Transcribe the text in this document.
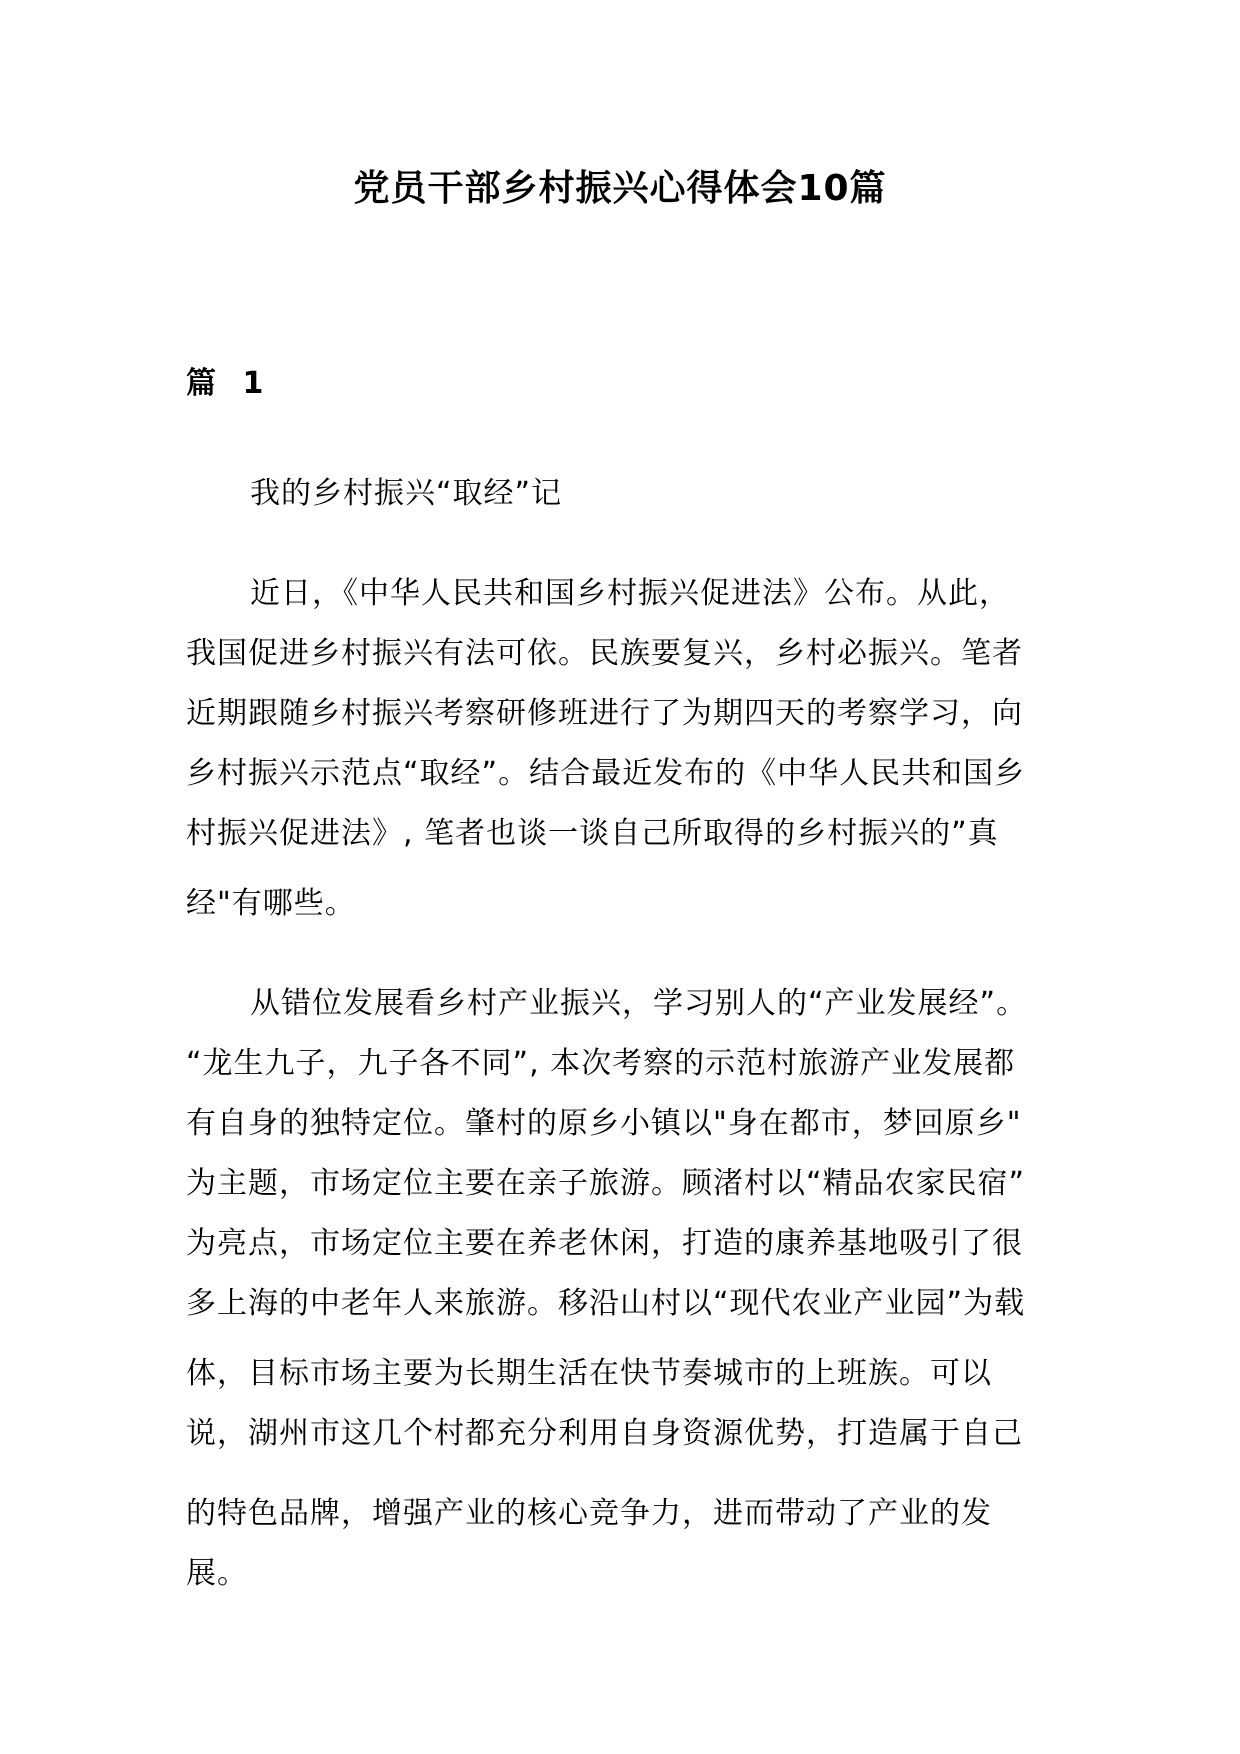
党员干部乡村振兴心得体会10篇
篇 1
我的乡村振兴“取经”记
近日，《中华人民共和国乡村振兴促进法》公布。从此，
我国促进乡村振兴有法可依。民族要复兴，乡村必振兴。笔者
近期跟随乡村振兴考察研修班进行了为期四天的考察学习，向
乡村振兴示范点“取经”。结合最近发布的《中华人民共和国乡
村振兴促进法》, 笔者也谈一谈自己所取得的乡村振兴的”真
经"有哪些。
从错位发展看乡村产业振兴，学习别人的“产业发展经”。
“龙生九子，九子各不同”, 本次考察的示范村旅游产业发展都
有自身的独特定位。肇村的原乡小镇以"身在都市，梦回原乡"
为主题，市场定位主要在亲子旅游。顾渚村以“精品农家民宿”
为亮点，市场定位主要在养老休闲，打造的康养基地吸引了很
多上海的中老年人来旅游。移沿山村以“现代农业产业园”为载
体，目标市场主要为长期生活在快节奏城市的上班族。可以
说，湖州市这几个村都充分利用自身资源优势，打造属于自己
的特色品牌，增强产业的核心竞争力，进而带动了产业的发
展。
